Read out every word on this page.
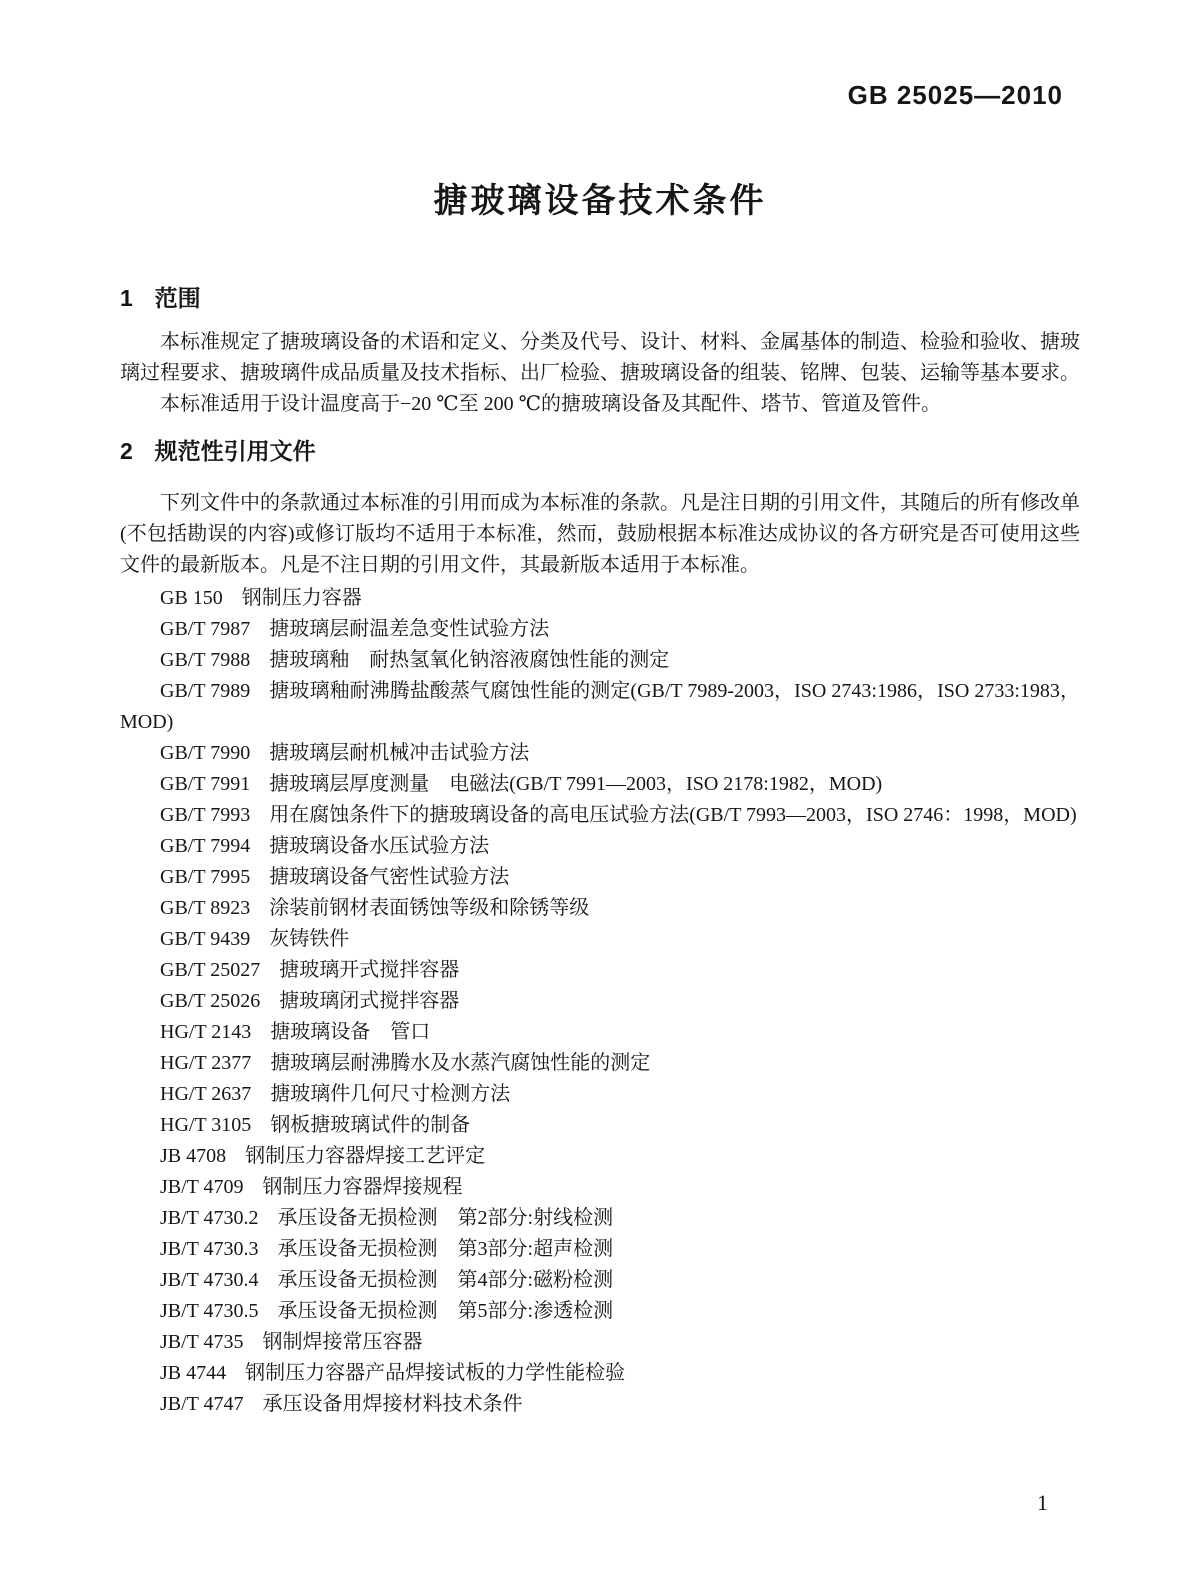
GB 25025—2010
搪玻璃设备技术条件
1 范围

本标准规定了搪玻璃设备的术语和定义、分类及代号、设计、材料、金属基体的制造、检验和验收、搪玻璃过程要求、搪玻璃件成品质量及技术指标、出厂检验、搪玻璃设备的组装、铭牌、包装、运输等基本要求。

本标准适用于设计温度高于−20 ℃至 200 ℃的搪玻璃设备及其配件、塔节、管道及管件。

2 规范性引用文件

下列文件中的条款通过本标准的引用而成为本标准的条款。凡是注日期的引用文件，其随后的所有修改单(不包括勘误的内容)或修订版均不适用于本标准，然而，鼓励根据本标准达成协议的各方研究是否可使用这些文件的最新版本。凡是不注日期的引用文件，其最新版本适用于本标准。

GB 150 钢制压力容器

GB/T 7987 搪玻璃层耐温差急变性试验方法

GB/T 7988 搪玻璃釉　耐热氢氧化钠溶液腐蚀性能的测定

GB/T 7989 搪玻璃釉耐沸腾盐酸蒸气腐蚀性能的测定(GB/T 7989-2003，ISO 2743:1986，ISO 2733:1983，MOD)

GB/T 7990 搪玻璃层耐机械冲击试验方法

GB/T 7991 搪玻璃层厚度测量　电磁法(GB/T 7991—2003，ISO 2178:1982，MOD)

GB/T 7993 用在腐蚀条件下的搪玻璃设备的高电压试验方法(GB/T 7993—2003，ISO 2746：1998，MOD)

GB/T 7994 搪玻璃设备水压试验方法

GB/T 7995 搪玻璃设备气密性试验方法

GB/T 8923 涂装前钢材表面锈蚀等级和除锈等级

GB/T 9439 灰铸铁件

GB/T 25027 搪玻璃开式搅拌容器

GB/T 25026 搪玻璃闭式搅拌容器

HG/T 2143 搪玻璃设备　管口

HG/T 2377 搪玻璃层耐沸腾水及水蒸汽腐蚀性能的测定

HG/T 2637 搪玻璃件几何尺寸检测方法

HG/T 3105 钢板搪玻璃试件的制备

JB 4708 钢制压力容器焊接工艺评定

JB/T 4709 钢制压力容器焊接规程

JB/T 4730.2 承压设备无损检测　第2部分:射线检测

JB/T 4730.3 承压设备无损检测　第3部分:超声检测

JB/T 4730.4 承压设备无损检测　第4部分:磁粉检测

JB/T 4730.5 承压设备无损检测　第5部分:渗透检测

JB/T 4735 钢制焊接常压容器

JB 4744 钢制压力容器产品焊接试板的力学性能检验

JB/T 4747 承压设备用焊接材料技术条件

1
